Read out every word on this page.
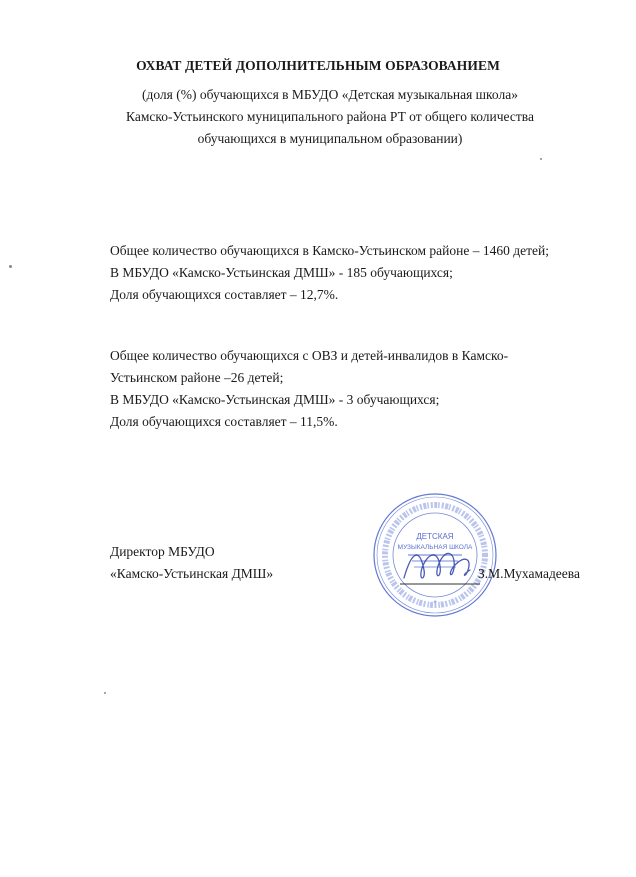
ОХВАТ ДЕТЕЙ ДОПОЛНИТЕЛЬНЫМ ОБРАЗОВАНИЕМ
(доля (%) обучающихся в МБУДО «Детская музыкальная школа»
Камско-Устьинского муниципального района РТ от общего количества
обучающихся в муниципальном образовании)
Общее количество обучающихся в Камско-Устьинском районе – 1460 детей;
В МБУДО «Камско-Устьинская ДМШ» - 185 обучающихся;
Доля обучающихся составляет – 12,7%.
Общее количество обучающихся с ОВЗ и детей-инвалидов в Камско-
Устьинском районе –26 детей;
В МБУДО «Камско-Устьинская ДМШ» - 3 обучающихся;
Доля обучающихся составляет – 11,5%.
Директор МБУДО
«Камско-Устьинская ДМШ»
ДЕТСКАЯ
МУЗЫКАЛЬНАЯ ШКОЛА
+
З.М.Мухамадеева
